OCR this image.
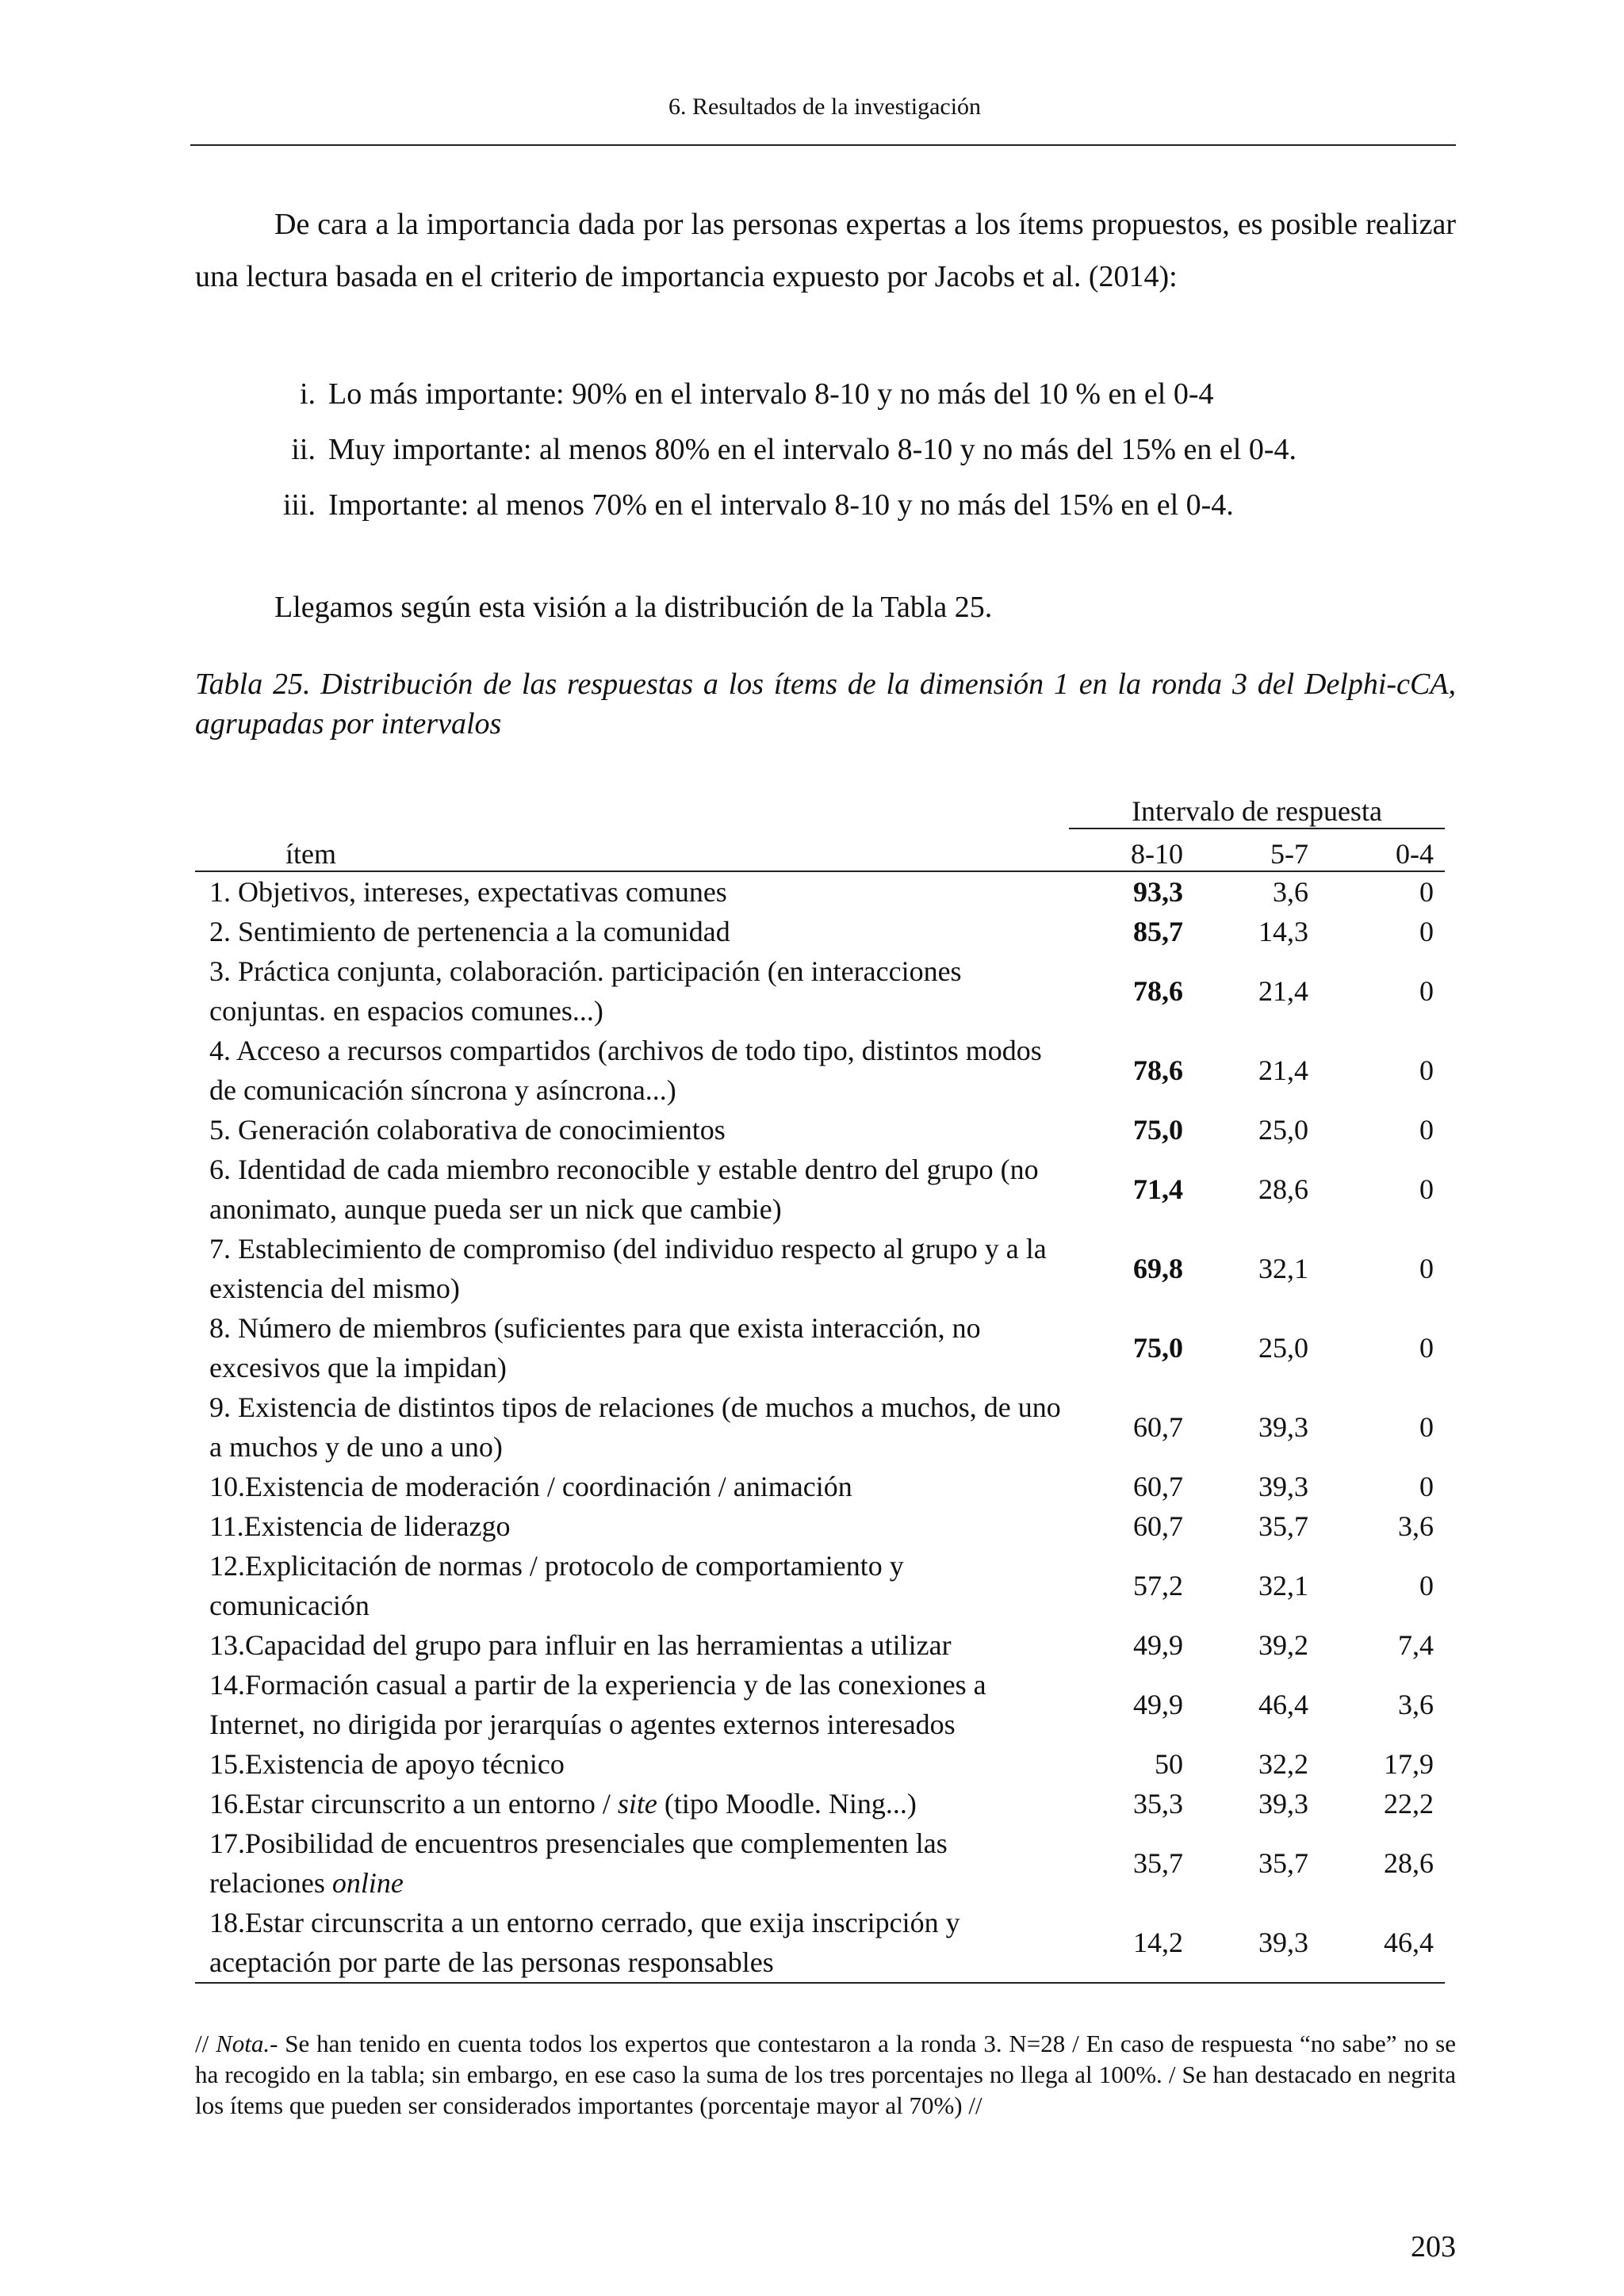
6. Resultados de la investigación
De cara a la importancia dada por las personas expertas a los ítems propuestos, es posible realizar una lectura basada en el criterio de importancia expuesto por Jacobs et al. (2014):
i. Lo más importante: 90% en el intervalo 8-10 y no más del 10 % en el 0-4
ii. Muy importante: al menos 80% en el intervalo 8-10 y no más del 15% en el 0-4.
iii. Importante: al menos 70% en el intervalo 8-10 y no más del 15% en el 0-4.
Llegamos según esta visión a la distribución de la Tabla 25.
Tabla 25. Distribución de las respuestas a los ítems de la dimensión 1 en la ronda 3 del Delphi-cCA, agrupadas por intervalos
	Intervalo de respuesta		
ítem	8-10	5-7	0-4
1. Objetivos, intereses, expectativas comunes	93,3	3,6	0
2. Sentimiento de pertenencia a la comunidad	85,7	14,3	0
3. Práctica conjunta, colaboración. participación (en interacciones conjuntas. en espacios comunes...)	78,6	21,4	0
4. Acceso a recursos compartidos (archivos de todo tipo, distintos modos de comunicación síncrona y asíncrona...)	78,6	21,4	0
5. Generación colaborativa de conocimientos	75,0	25,0	0
6. Identidad de cada miembro reconocible y estable dentro del grupo (no anonimato, aunque pueda ser un nick que cambie)	71,4	28,6	0
7. Establecimiento de compromiso (del individuo respecto al grupo y a la existencia del mismo)	69,8	32,1	0
8. Número de miembros (suficientes para que exista interacción, no excesivos que la impidan)	75,0	25,0	0
9. Existencia de distintos tipos de relaciones (de muchos a muchos, de uno a muchos y de uno a uno)	60,7	39,3	0
10.Existencia de moderación / coordinación / animación	60,7	39,3	0
11.Existencia de liderazgo	60,7	35,7	3,6
12.Explicitación de normas / protocolo de comportamiento y comunicación	57,2	32,1	0
13.Capacidad del grupo para influir en las herramientas a utilizar	49,9	39,2	7,4
14.Formación casual a partir de la experiencia y de las conexiones a Internet, no dirigida por jerarquías o agentes externos interesados	49,9	46,4	3,6
15.Existencia de apoyo técnico	50	32,2	17,9
16.Estar circunscrito a un entorno / site (tipo Moodle. Ning...)	35,3	39,3	22,2
17.Posibilidad de encuentros presenciales que complementen las relaciones online	35,7	35,7	28,6
18.Estar circunscrita a un entorno cerrado, que exija inscripción y aceptación por parte de las personas responsables	14,2	39,3	46,4
// Nota.- Se han tenido en cuenta todos los expertos que contestaron a la ronda 3. N=28 / En caso de respuesta “no sabe” no se ha recogido en la tabla; sin embargo, en ese caso la suma de los tres porcentajes no llega al 100%. / Se han destacado en negrita los ítems que pueden ser considerados importantes (porcentaje mayor al 70%) //
203
